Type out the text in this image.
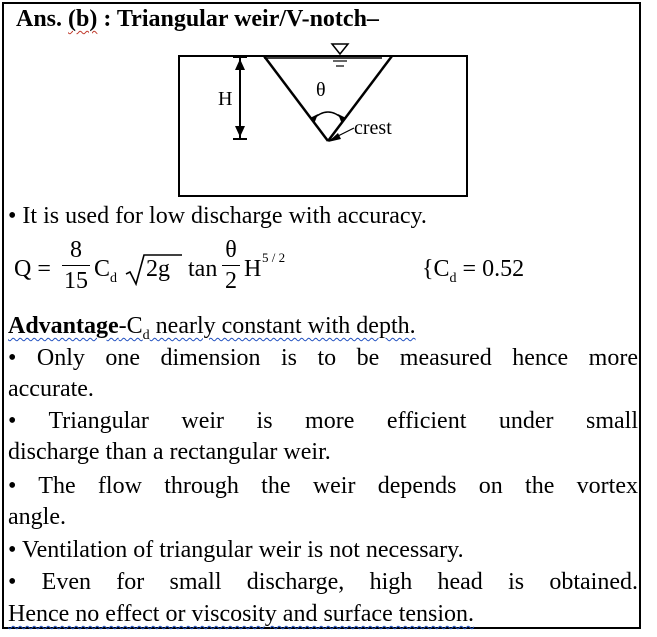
Ans. (b) : Triangular weir/V-notch–
H	θ
crest
• It is used for low discharge with accuracy.
Q =
8
15 $C_d$ 2g tan
θ
2 H 5 / 2	{$C_d = 0.52$
Advantage-$C_d$ nearly constant with depth.
• Only one dimension is to be measured hence more
accurate.
• Triangular weir is more efficient under small
discharge than a rectangular weir.
• The flow through the weir depends on the vortex
angle.
• Ventilation of triangular weir is not necessary.
• Even for small discharge, high head is obtained.
Hence no effect or viscosity and surface tension.
